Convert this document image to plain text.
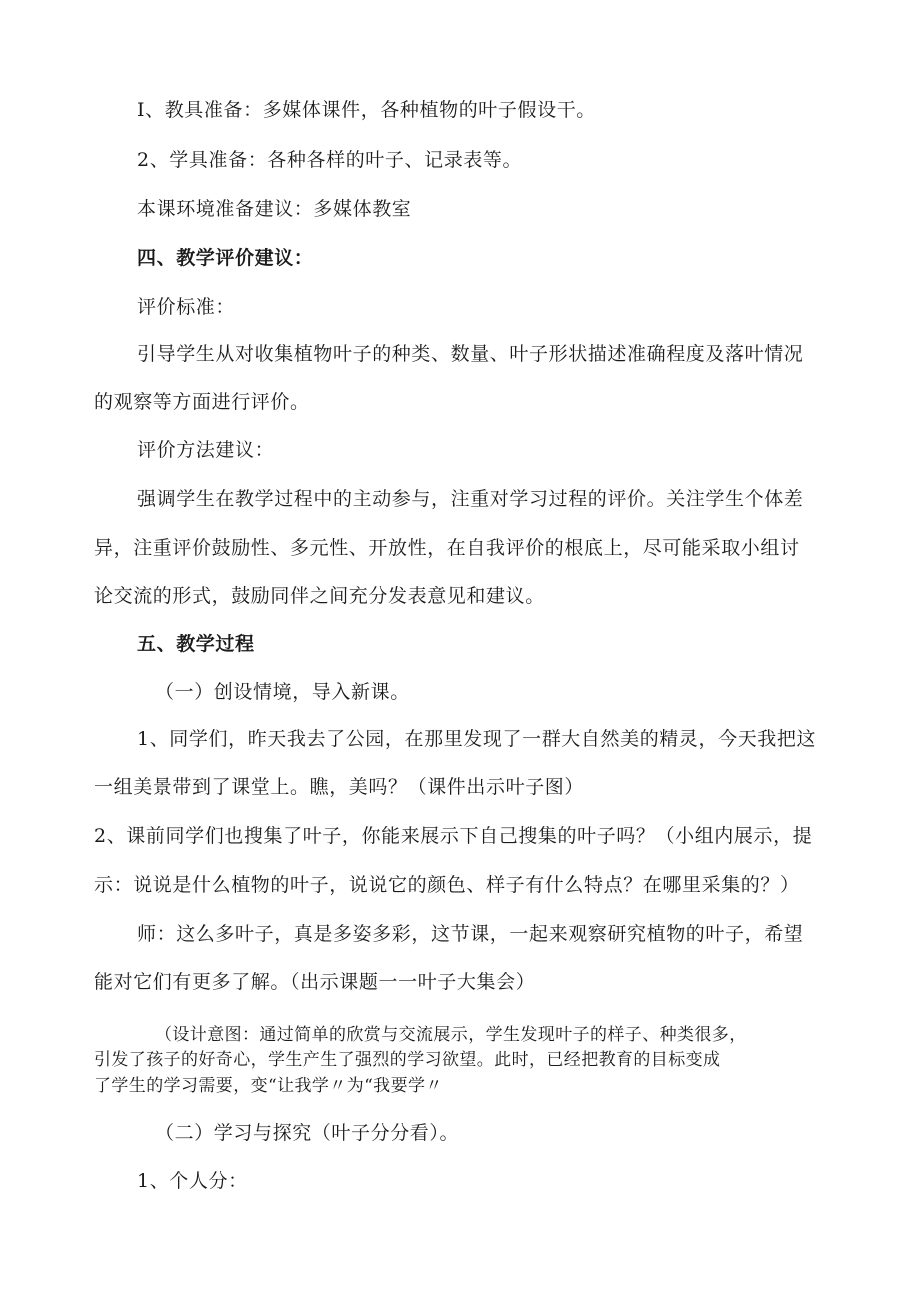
I、教具准备：多媒体课件，各种植物的叶子假设干。
2、学具准备：各种各样的叶子、记录表等。
本课环境准备建议：多媒体教室
四、教学评价建议：
评价标准：
引导学生从对收集植物叶子的种类、数量、叶子形状描述准确程度及落叶情况
的观察等方面进行评价。
评价方法建议：
强调学生在教学过程中的主动参与，注重对学习过程的评价。关注学生个体差
异，注重评价鼓励性、多元性、开放性，在自我评价的根底上，尽可能采取小组讨
论交流的形式，鼓励同伴之间充分发表意见和建议。
五、教学过程
（一）创设情境，导入新课。
1、同学们，昨天我去了公园，在那里发现了一群大自然美的精灵，今天我把这
一组美景带到了课堂上。瞧，美吗？（课件出示叶子图）
2、课前同学们也搜集了叶子，你能来展示下自己搜集的叶子吗？（小组内展示，提
示：说说是什么植物的叶子，说说它的颜色、样子有什么特点？在哪里采集的？）
师：这么多叶子，真是多姿多彩，这节课，一起来观察研究植物的叶子，希望
能对它们有更多了解。（出示课题一一叶子大集会）
（设计意图：通过简单的欣赏与交流展示，学生发现叶子的样子、种类很多，
引发了孩子的好奇心，学生产生了强烈的学习欲望。此时，已经把教育的目标变成
了学生的学习需要，变“让我学〃为“我要学〃
（二）学习与探究（叶子分分看）。
1、个人分：
